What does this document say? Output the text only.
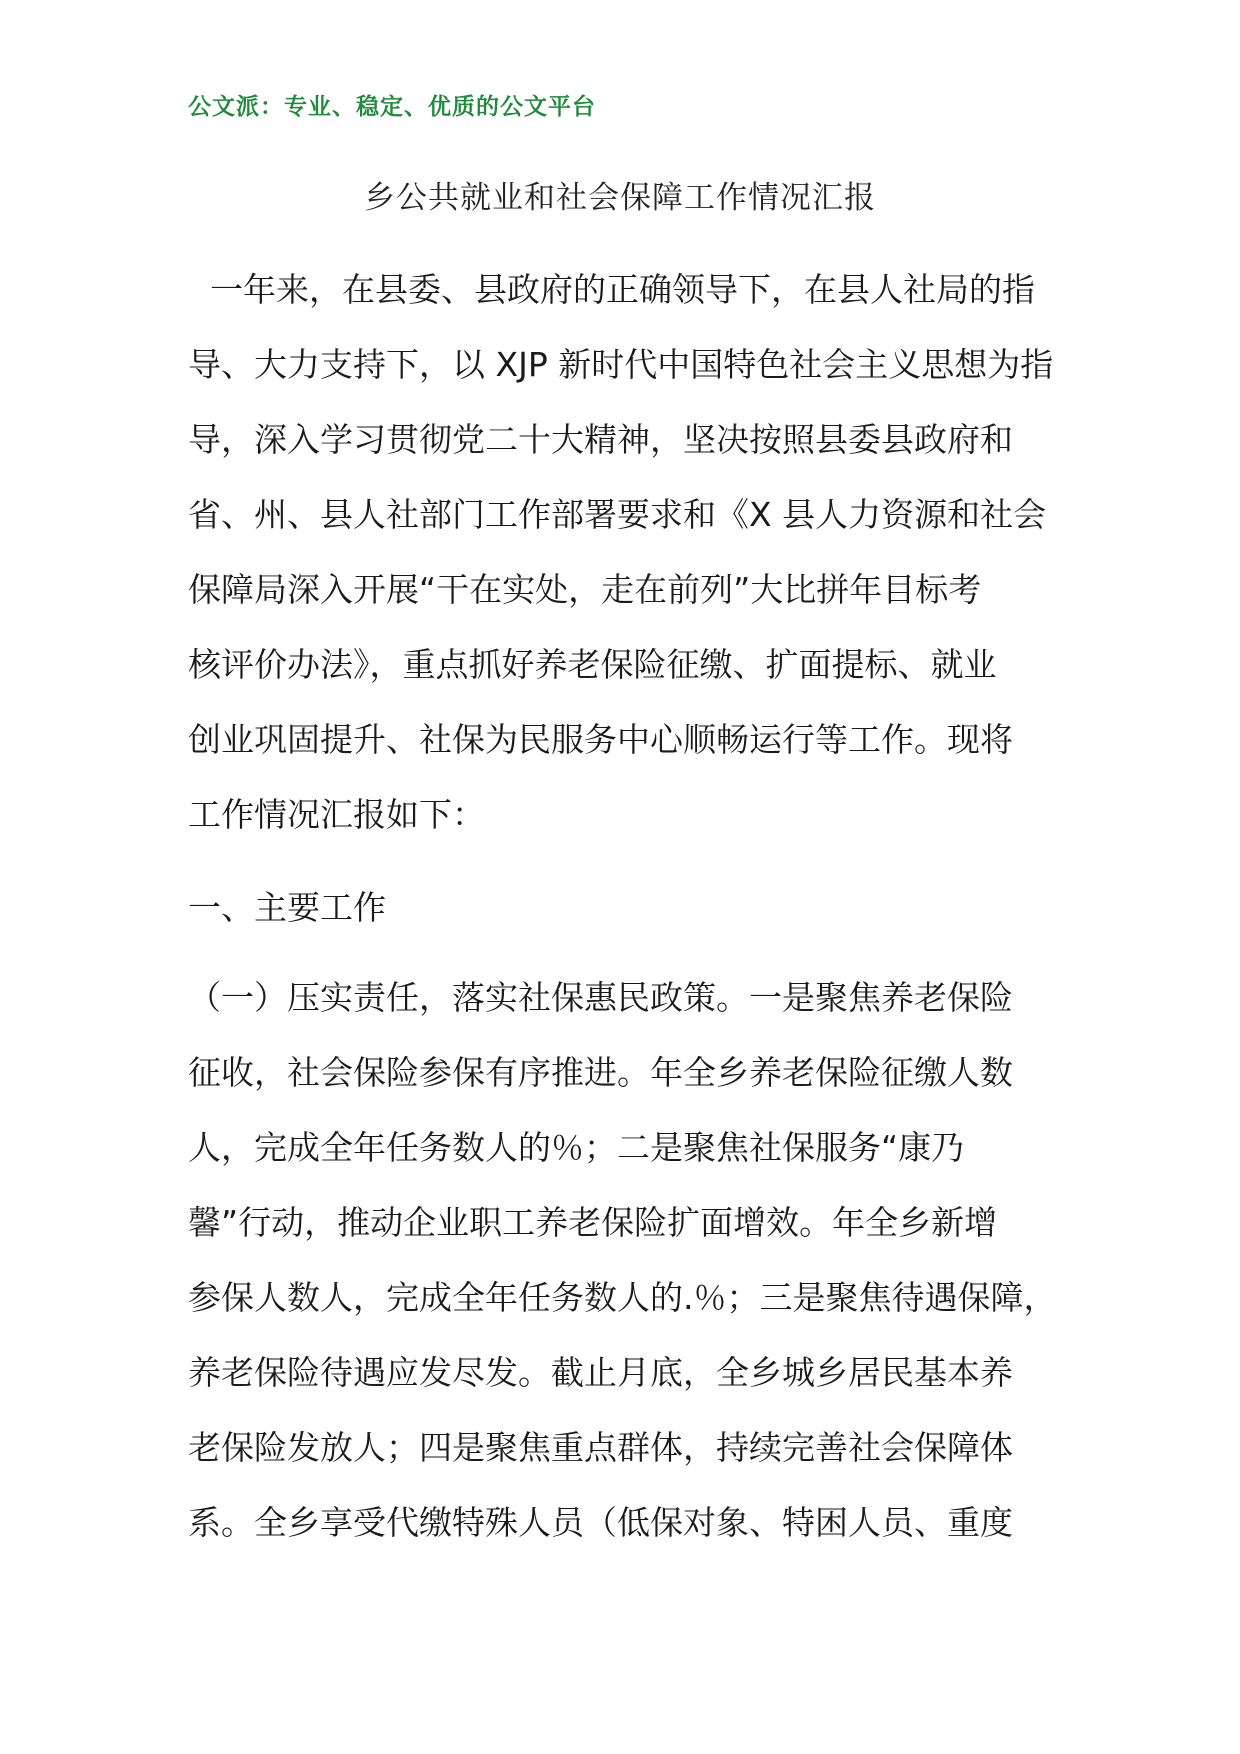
公文派：专业、稳定、优质的公文平台
乡公共就业和社会保障工作情况汇报
一年来，在县委、县政府的正确领导下，在县人社局的指
导、大力支持下，以 XJP 新时代中国特色社会主义思想为指
导，深入学习贯彻党二十大精神，坚决按照县委县政府和
省、州、县人社部门工作部署要求和《X 县人力资源和社会
保障局深入开展“干在实处，走在前列”大比拼年目标考
核评价办法》，重点抓好养老保险征缴、扩面提标、就业
创业巩固提升、社保为民服务中心顺畅运行等工作。现将
工作情况汇报如下：
一、主要工作
（一）压实责任，落实社保惠民政策。一是聚焦养老保险
征收，社会保险参保有序推进。年全乡养老保险征缴人数
人，完成全年任务数人的％；二是聚焦社保服务“康乃
馨”行动，推动企业职工养老保险扩面增效。年全乡新增
参保人数人，完成全年任务数人的.％；三是聚焦待遇保障，
养老保险待遇应发尽发。截止月底，全乡城乡居民基本养
老保险发放人；四是聚焦重点群体，持续完善社会保障体
系。全乡享受代缴特殊人员（低保对象、特困人员、重度
